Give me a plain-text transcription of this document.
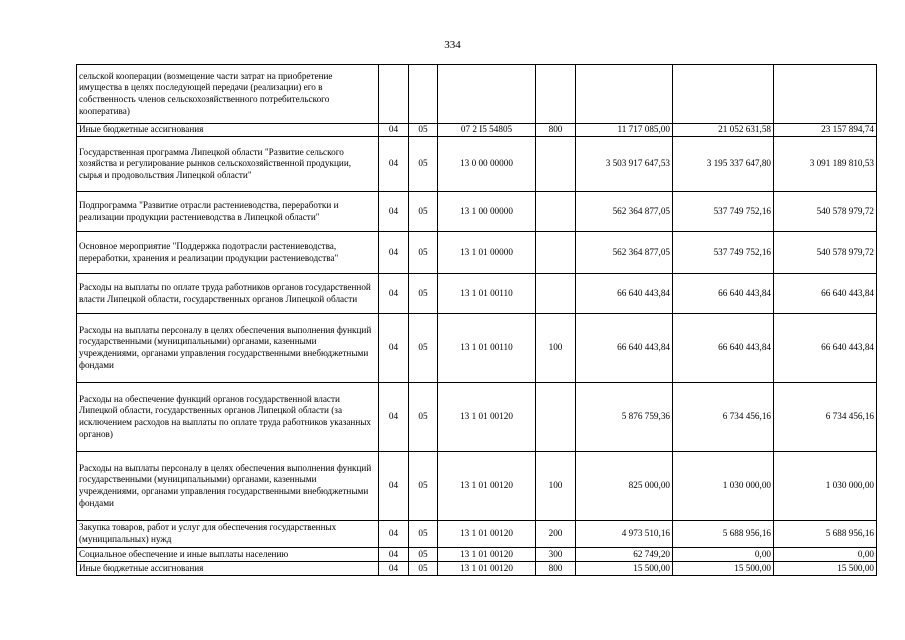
334
сельской кооперации (возмещение части затрат на приобретение имущества в целях последующей передачи (реализации) его в собственность членов сельскохозяйственного потребительского кооператива)							
Иные бюджетные ассигнования	04	05	07 2 I5 54805	800	11 717 085,00	21 052 631,58	23 157 894,74
Государственная программа Липецкой области "Развитие сельского хозяйства и регулирование рынков сельскохозяйственной продукции, сырья и продовольствия Липецкой области"	04	05	13 0 00 00000		3 503 917 647,53	3 195 337 647,80	3 091 189 810,53
Подпрограмма "Развитие отрасли растениеводства, переработки и реализации продукции растениеводства в Липецкой области"	04	05	13 1 00 00000		562 364 877,05	537 749 752,16	540 578 979,72
Основное мероприятие "Поддержка подотрасли растениеводства, переработки, хранения и реализации продукции растениеводства"	04	05	13 1 01 00000		562 364 877,05	537 749 752,16	540 578 979,72
Расходы на выплаты по оплате труда работников органов государственной власти Липецкой области, государственных органов Липецкой области	04	05	13 1 01 00110		66 640 443,84	66 640 443,84	66 640 443,84
Расходы на выплаты персоналу в целях обеспечения выполнения функций государственными (муниципальными) органами, казенными учреждениями, органами управления государственными внебюджетными фондами	04	05	13 1 01 00110	100	66 640 443,84	66 640 443,84	66 640 443,84
Расходы на обеспечение функций органов государственной власти Липецкой области, государственных органов Липецкой области (за исключением расходов на выплаты по оплате труда работников указанных органов)	04	05	13 1 01 00120		5 876 759,36	6 734 456,16	6 734 456,16
Расходы на выплаты персоналу в целях обеспечения выполнения функций государственными (муниципальными) органами, казенными учреждениями, органами управления государственными внебюджетными фондами	04	05	13 1 01 00120	100	825 000,00	1 030 000,00	1 030 000,00
Закупка товаров, работ и услуг для обеспечения государственных (муниципальных) нужд	04	05	13 1 01 00120	200	4 973 510,16	5 688 956,16	5 688 956,16
Социальное обеспечение и иные выплаты населению	04	05	13 1 01 00120	300	62 749,20	0,00	0,00
Иные бюджетные ассигнования	04	05	13 1 01 00120	800	15 500,00	15 500,00	15 500,00
